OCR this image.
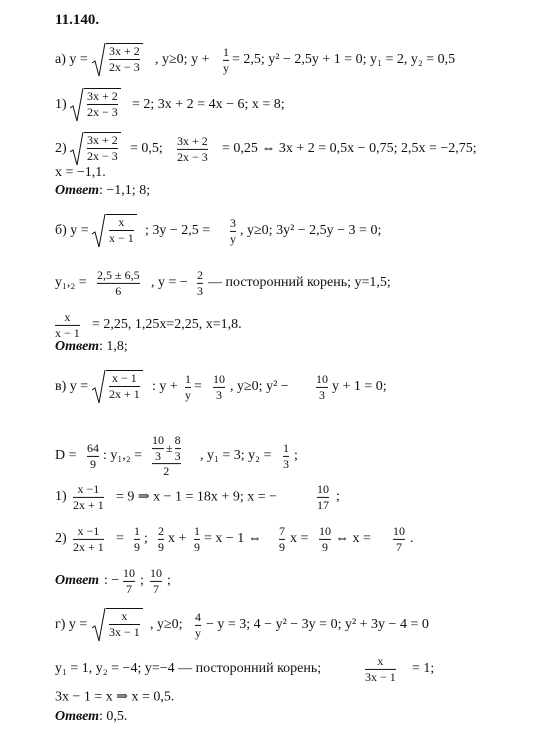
11.140.
а) y =
3x + 2
2x − 3 , y≥0; y +
1
y
= 2,5; y² − 2,5y + 1 = 0; y₁ = 2, y₂ = 0,5
1)
3x + 2
2x − 3 = 2; 3x + 2 = 4x − 6; x = 8;
2)
3x + 2
2x − 3 = 0,5;
3x + 2
2x − 3
= 0,25 ⇔ 3x + 2 = 0,5x − 0,75; 2,5x = −2,75;
x = −1,1.
Ответ: −1,1; 8;
б) y =
x
x − 1 ; 3y − 2,5 =
3
y
, y≥0; 3y² − 2,5y − 3 = 0;
y₁,₂ =
2,5 ± 6,5
6
, y = −
2
3
— посторонний корень; y=1,5;
x
x − 1
= 2,25, 1,25x=2,25, x=1,8.
Ответ: 1,8;
в) y =
x − 1
2x + 1 : y +
1
y
=
10
3
, y≥0; y² −
10
3
y + 1 = 0;
D =
64
9
: y₁,₂ =
10
3
±
8
3
2
, y₁ = 3; y₂ =
1
3
;
1)
x −1
2x + 1 = 9 ⇒ x − 1 = 18x + 9; x = −
10
17
;
2)
x −1
2x + 1
=
1
9
;
2
9
x +
1
9
= x − 1 ⇔
7
9
x =
10
9
⇔ x =
10
7
.
Ответ : −
10
7
;
10
7
;
г) y =
x
3x − 1 , y≥0;
4
y
− y = 3; 4 − y² − 3y = 0; y² + 3y − 4 = 0
y₁ = 1, y₂ = −4; y=−4 — посторонний корень;
x
3x − 1
= 1;
3x − 1 = x ⇒ x = 0,5.
Ответ: 0,5.
